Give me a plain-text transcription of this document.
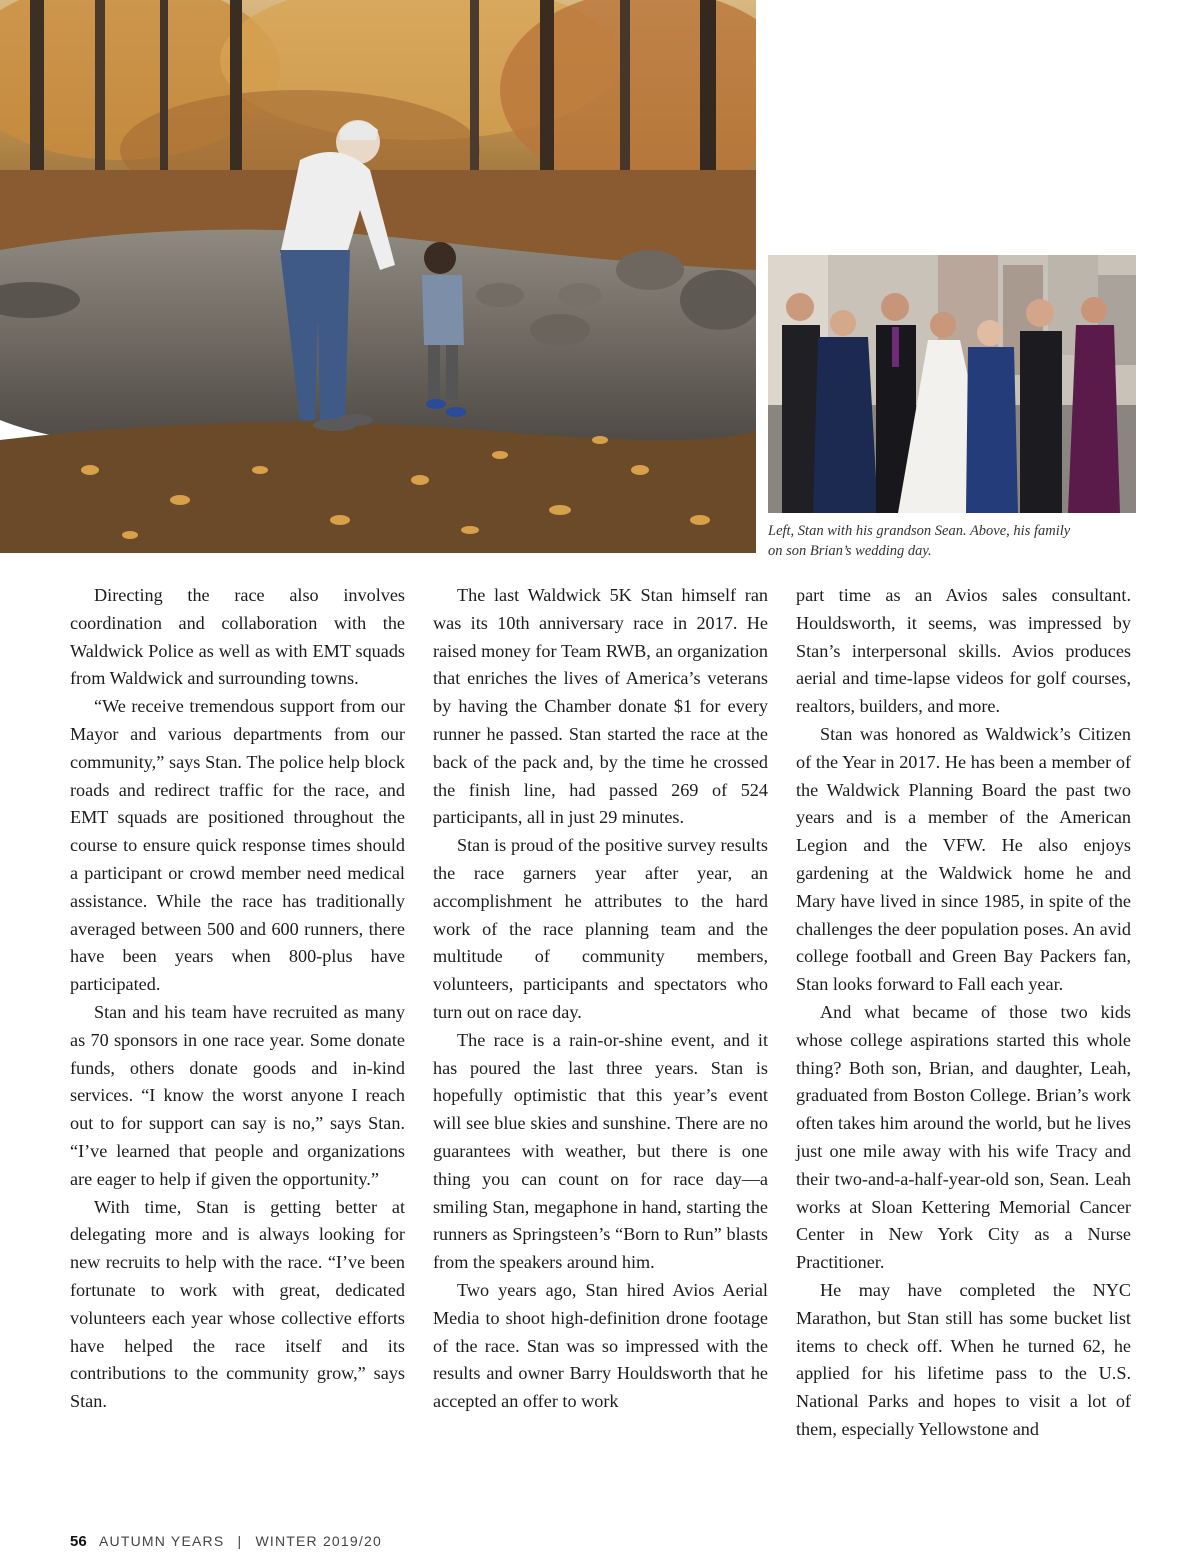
Left, Stan with his grandson Sean. Above, his family
on son Brian’s wedding day.

Directing the race also involves coordination and collaboration with the Waldwick Police as well as with EMT squads from Waldwick and surrounding towns.

“We receive tremendous support from our Mayor and various departments from our community,” says Stan. The police help block roads and redirect traffic for the race, and EMT squads are positioned throughout the course to ensure quick response times should a participant or crowd member need medical assistance. While the race has traditionally averaged between 500 and 600 runners, there have been years when 800-plus have participated.

Stan and his team have recruited as many as 70 sponsors in one race year. Some donate funds, others donate goods and in-kind services. “I know the worst anyone I reach out to for support can say is no,” says Stan. “I’ve learned that people and organizations are eager to help if given the opportunity.”

With time, Stan is getting better at delegating more and is always looking for new recruits to help with the race. “I’ve been fortunate to work with great, dedicated volunteers each year whose collective efforts have helped the race itself and its contributions to the community grow,” says Stan.

The last Waldwick 5K Stan himself ran was its 10th anniversary race in 2017. He raised money for Team RWB, an organization that enriches the lives of America’s veterans by having the Chamber donate $1 for every runner he passed. Stan started the race at the back of the pack and, by the time he crossed the finish line, had passed 269 of 524 participants, all in just 29 minutes.

Stan is proud of the positive survey results the race garners year after year, an accomplishment he attributes to the hard work of the race planning team and the multitude of community members, volunteers, participants and spectators who turn out on race day.

The race is a rain-or-shine event, and it has poured the last three years. Stan is hopefully optimistic that this year’s event will see blue skies and sunshine. There are no guarantees with weather, but there is one thing you can count on for race day—a smiling Stan, megaphone in hand, starting the runners as Springsteen’s “Born to Run” blasts from the speakers around him.

Two years ago, Stan hired Avios Aerial Media to shoot high-definition drone footage of the race. Stan was so impressed with the results and owner Barry Houldsworth that he accepted an offer to work

part time as an Avios sales consultant. Houldsworth, it seems, was impressed by Stan’s interpersonal skills. Avios produces aerial and time-lapse videos for golf courses, realtors, builders, and more.

Stan was honored as Waldwick’s Citizen of the Year in 2017. He has been a member of the Waldwick Planning Board the past two years and is a member of the American Legion and the VFW. He also enjoys gardening at the Waldwick home he and Mary have lived in since 1985, in spite of the challenges the deer population poses. An avid college football and Green Bay Packers fan, Stan looks forward to Fall each year.

And what became of those two kids whose college aspirations started this whole thing? Both son, Brian, and daughter, Leah, graduated from Boston College. Brian’s work often takes him around the world, but he lives just one mile away with his wife Tracy and their two-and-a-half-year-old son, Sean. Leah works at Sloan Kettering Memorial Cancer Center in New York City as a Nurse Practitioner.

He may have completed the NYC Marathon, but Stan still has some bucket list items to check off. When he turned 62, he applied for his lifetime pass to the U.S. National Parks and hopes to visit a lot of them, especially Yellowstone and

56 AUTUMN YEARS | WINTER 2019/20
